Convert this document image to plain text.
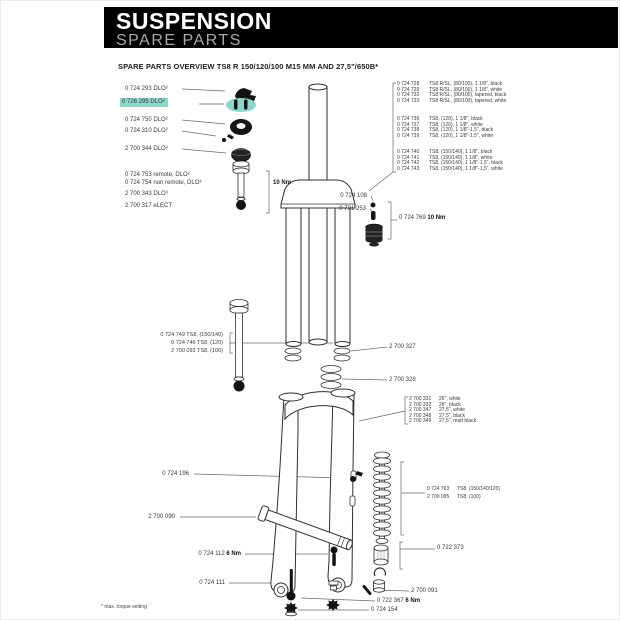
SUSPENSION
SPARE PARTS
SPARE PARTS OVERVIEW TS8 R 150/120/100 M15 MM AND 27,5"/650B*
0 724 293 DLO²
0 726 295 DLO²
0 724 750 DLO²
0 724 310 DLO²
2 700 344 DLO³
0 724 753 remote, DLO²
0 724 754 non remote, DLO³
2 700 343 DLO³
2 700 317 eLECT
10 Nm
0 724 728 TS8 R/SL, (80/100), 1 1/8", black
0 724 729 TS8 R/SL, (80/100), 1 1/8", white
0 724 732 TS8 R/SL, (80/100), tapered, black
0 724 733 TS8 R/SL, (80/100), tapered, white
0 724 736 TS8, (120), 1 1/8", black
0 724 737 TS8, (120), 1 1/8", white
0 724 738 TS8, (120), 1 1/8"-1,5", black
0 724 739 TS8, (120), 1 1/8"-1,5", white
0 724 740 TS8, (150/140), 1 1/8", black
0 724 741 TS8, (150/140), 1 1/8", white
0 724 742 TS8, (150/140), 1 1/8"-1,5", black
0 724 743 TS8, (150/140), 1 1/8"-1,5", white
0 724 108
0 731 253
0 724 769 10 Nm
0 724 749 TS8, (150/140)
0 724 746 TS8, (120)
2 700 093 TS8, (100)
2 700 327
2 700 328
2 700 331 26", white
2 700 332 26", black
2 700 347 27,5", white
2 700 348 27,5", black
2 700 349 27,5", matt black
0 724 763 TS8, (150/140/120)
2 700 095 TS8, (100)
0 722 373
0 724 196
2 700 090
0 724 112 6 Nm
0 724 111
2 700 091
0 722 367 6 Nm
0 724 154
* max. torque setting
